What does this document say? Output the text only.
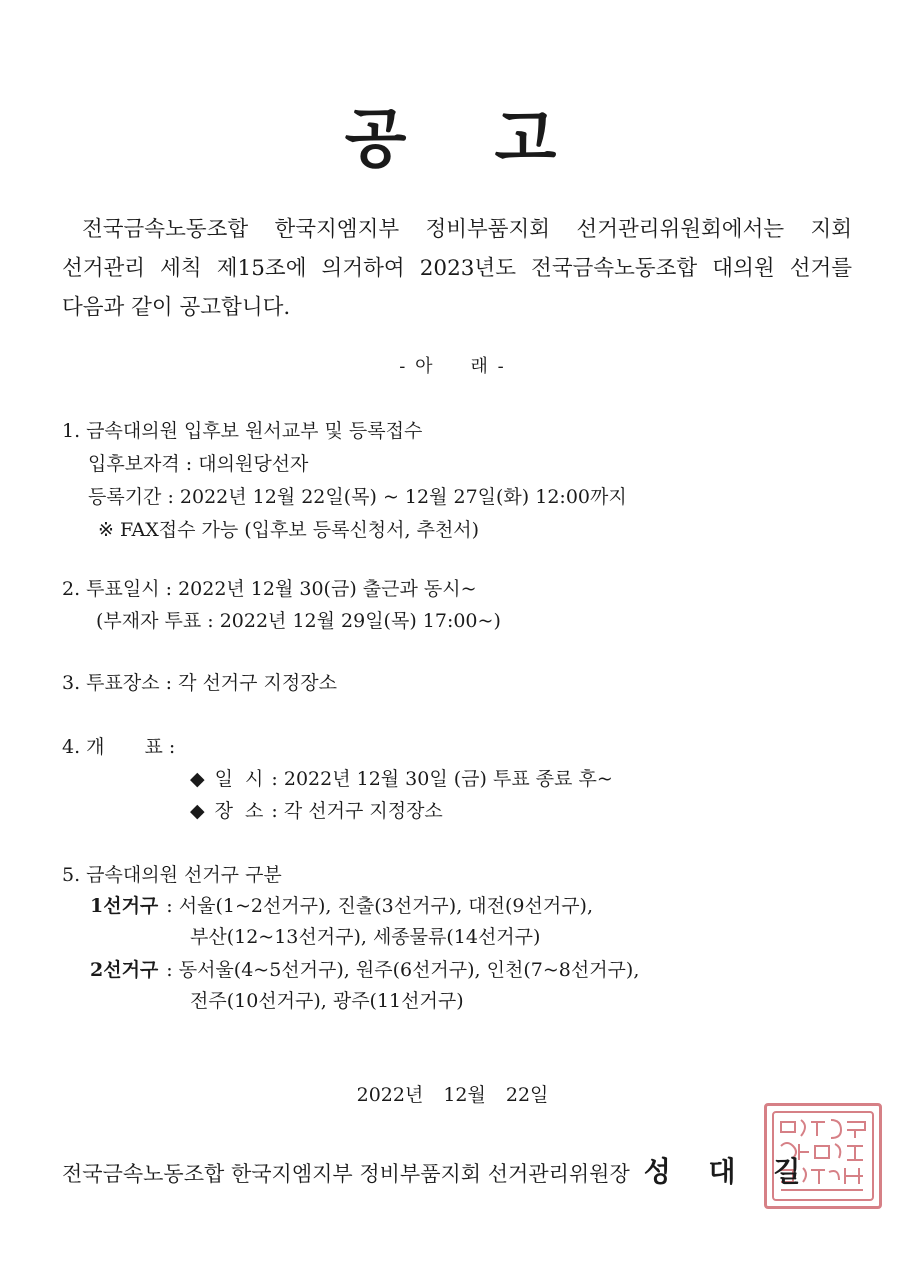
공 고
전국금속노동조합 한국지엠지부 정비부품지회 선거관리위원회에서는 지회 선거관리 세칙 제15조에 의거하여 2023년도 전국금속노동조합 대의원 선거를 다음과 같이 공고합니다.
- 아 래 -
1. 금속대의원 입후보 원서교부 및 등록접수
입후보자격 : 대의원당선자
등록기간 : 2022년 12월 22일(목) ~ 12월 27일(화) 12:00까지
※ FAX접수 가능 (입후보 등록신청서, 추천서)
2. 투표일시 : 2022년 12월 30(금) 출근과 동시~
(부재자 투표 : 2022년 12월 29일(목) 17:00~)
3. 투표장소 : 각 선거구 지정장소
4. 개 표 :
◆ 일  시 : 2022년 12월 30일 (금) 투표 종료 후~
◆ 장  소 : 각 선거구 지정장소
5. 금속대의원 선거구 구분
1선거구 : 서울(1~2선거구), 진출(3선거구), 대전(9선거구),
부산(12~13선거구), 세종물류(14선거구)
2선거구 : 동서울(4~5선거구), 원주(6선거구), 인천(7~8선거구),
전주(10선거구), 광주(11선거구)
2022년 12월 22일
전국금속노동조합 한국지엠지부 정비부품지회 선거관리위원장 성 대 길
